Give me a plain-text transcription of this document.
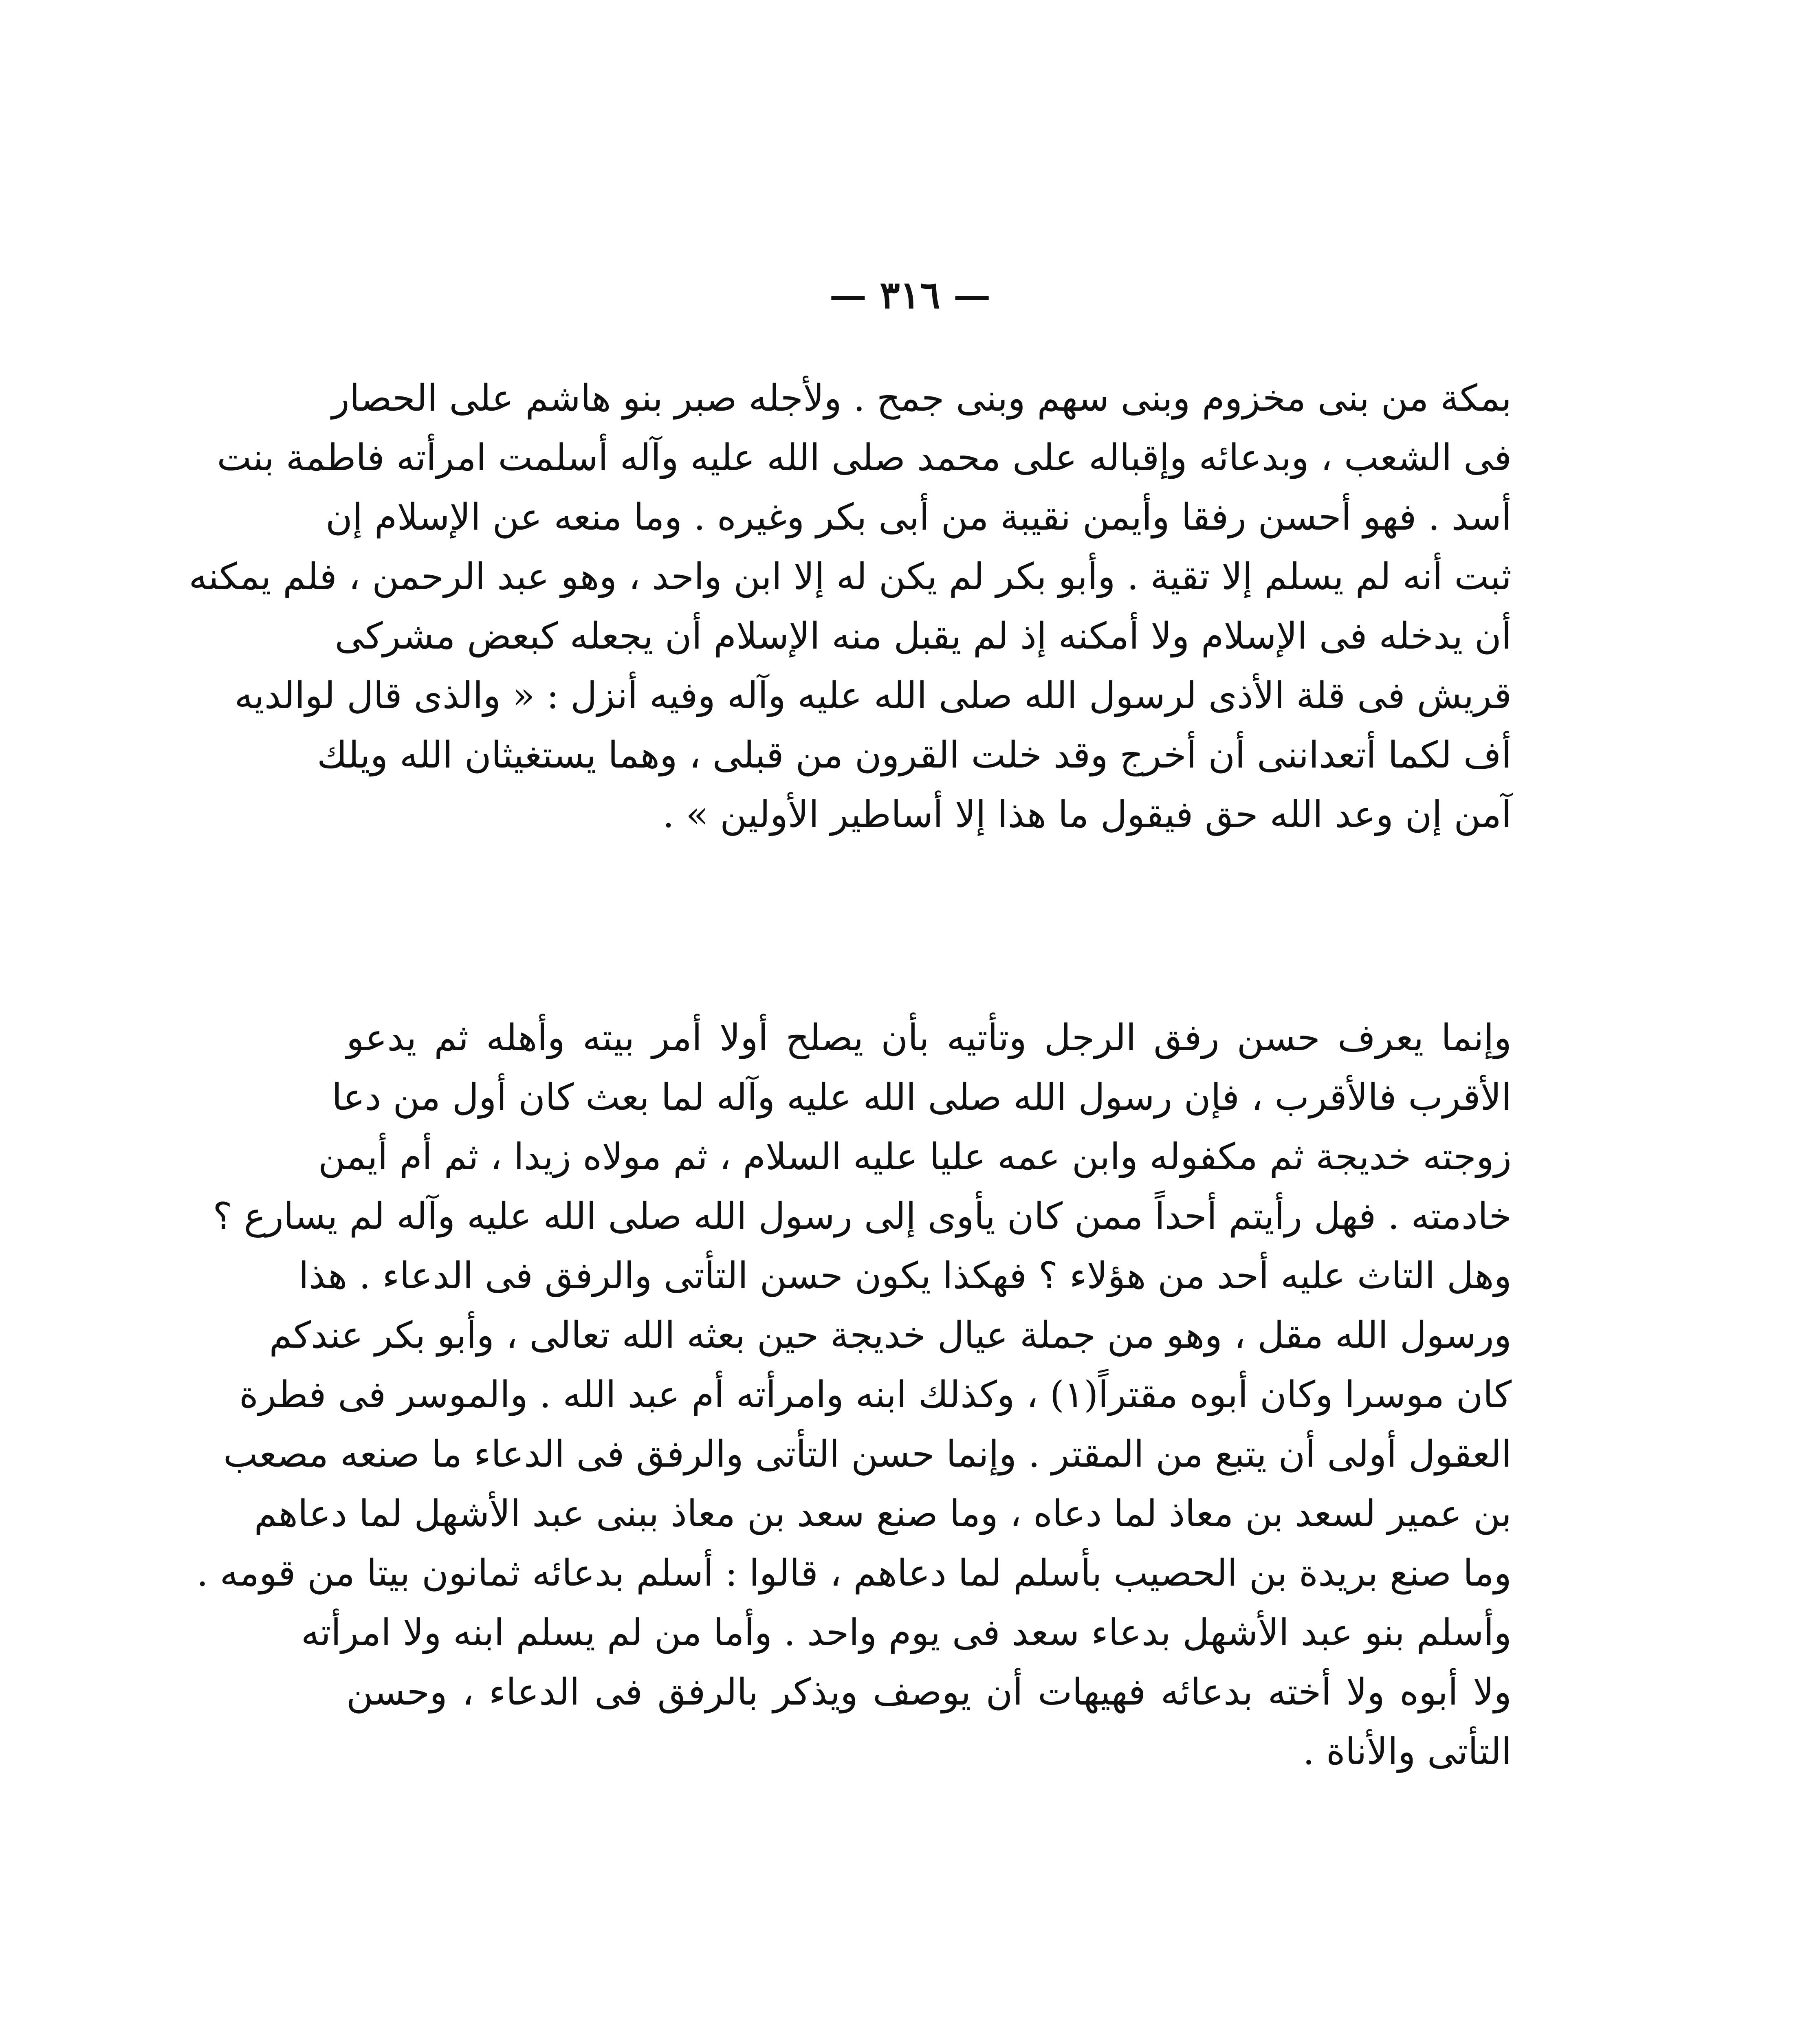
— ٣١٦ —
بمكة من بنى مخزوم وبنى سهم وبنى جمح . ولأجله صبر بنو هاشم على الحصار
فى الشعب ، وبدعائه وإقباله على محمد صلى الله عليه وآله أسلمت امرأته فاطمة بنت
أسد . فهو أحسن رفقا وأيمن نقيبة من أبى بكر وغيره . وما منعه عن الإسلام إن
ثبت أنه لم يسلم إلا تقية . وأبو بكر لم يكن له إلا ابن واحد ، وهو عبد الرحمن ، فلم يمكنه
أن يدخله فى الإسلام ولا أمكنه إذ لم يقبل منه الإسلام أن يجعله كبعض مشركى
قريش فى قلة الأذى لرسول الله صلى الله عليه وآله وفيه أنزل : « والذى قال لوالديه
أف لكما أتعداننى أن أخرج وقد خلت القرون من قبلى ، وهما يستغيثان الله ويلك
آمن إن وعد الله حق فيقول ما هذا إلا أساطير الأولين » .
وإنما يعرف حسن رفق الرجل وتأتيه بأن يصلح أولا أمر بيته وأهله ثم يدعو
الأقرب فالأقرب ، فإن رسول الله صلى الله عليه وآله لما بعث كان أول من دعا
زوجته خديجة ثم مكفوله وابن عمه عليا عليه السلام ، ثم مولاه زيدا ، ثم أم أيمن
خادمته . فهل رأيتم أحداً ممن كان يأوى إلى رسول الله صلى الله عليه وآله لم يسارع ؟
وهل التاث عليه أحد من هؤلاء ؟ فهكذا يكون حسن التأتى والرفق فى الدعاء . هذا
ورسول الله مقل ، وهو من جملة عيال خديجة حين بعثه الله تعالى ، وأبو بكر عندكم
كان موسرا وكان أبوه مقتراً(١) ، وكذلك ابنه وامرأته أم عبد الله . والموسر فى فطرة
العقول أولى أن يتبع من المقتر . وإنما حسن التأتى والرفق فى الدعاء ما صنعه مصعب
بن عمير لسعد بن معاذ لما دعاه ، وما صنع سعد بن معاذ ببنى عبد الأشهل لما دعاهم
وما صنع بريدة بن الحصيب بأسلم لما دعاهم ، قالوا : أسلم بدعائه ثمانون بيتا من قومه .
وأسلم بنو عبد الأشهل بدعاء سعد فى يوم واحد . وأما من لم يسلم ابنه ولا امرأته
ولا أبوه ولا أخته بدعائه فهيهات أن يوصف ويذكر بالرفق فى الدعاء ، وحسن
التأتى والأناة .
